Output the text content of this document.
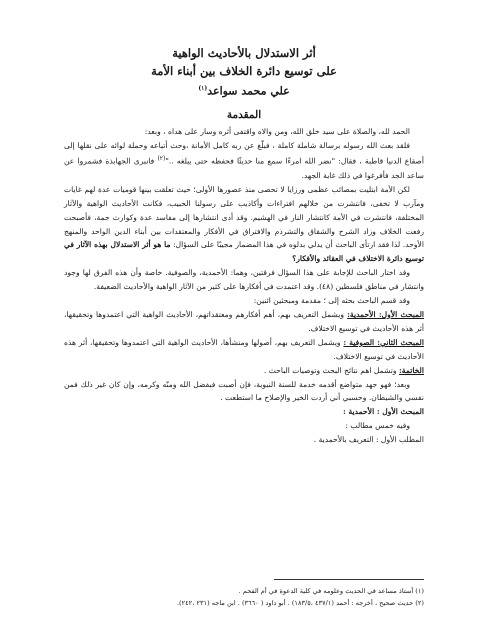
أثر الاستدلال بالأحاديث الواهية

على توسيع دائرة الخلاف بين أبناء الأمة

علي محمد سواعد$^{(١)}$

المقدمة

الحمد لله، والصلاة على سيد خلق الله، ومن والاه واقتفى أثره وسار على هداه ، وبعد:

فلقد بعث الله رسوله برسالة شاملة كاملة ، فبلّغ عن ربه كامل الأمانة ،وحث أتباعه وحملة لوائه على نقلها إلى أصقاع الدنيا قاطبة ، فقال: "نضر الله امرءًا سمع منا حديثًا فحفظه حتى يبلغه .."$^{(٢)}$ فانبرى الجهابذة فشمروا عن ساعد الجد فأفرغوا في ذلك غاية الجهد.

لكن الأمة ابتليت بمصائب عظمى ورزايا لا تحصى منذ عصورها الأولى؛ حيث تعلقت بينها قوميات عدة لهم غايات ومآرب لا تخفى، فانتشرت من خلالهم افتراءات وأكاذيب على رسولنا الحبيب، فكانت الأحاديث الواهية والآثار المختلفة، فانتشرت في الأمة كانتشار النار في الهشيم. وقد أدى انتشارها إلى مفاسد عدة وكوارث جمة، فأصبحت رفعت الخلاف وزاد الشرح والشقاق والتشرذم والافتراق في الأفكار والمعتقدات بين أبناء الدين الواحد والمنهج الأوحد. لذا فقد ارتأى الباحث أن يدلي بدلوه في هذا المضمار مجيبًا على السؤال: ما هو أثر الاستدلال بهذه الآثار في توسيع دائرة الاختلاف في العقائد والأفكار؟

وقد اختار الباحث للإجابة على هذا السؤال فرقتين، وهما: الأحمدية، والصوفية. خاصة وأن هذه الفرق لها وجود وانتشار في مناطق فلسطين (٤٨). وقد اعتمدت في أفكارها على كثير من الآثار الواهية والأحاديث الضعيفة.

وقد قسم الباحث بحثه إلى ؛ مقدمة ومبحثين اثنين:

المبحث الأول: الأحمدية: ويشمل التعريف بهم، أهم أفكارهم ومعتقداتهم، الأحاديث الواهية التي اعتمدوها وتحقيقها، أثر هذه الأحاديث في توسيع الاختلاف.

المبحث الثاني: الصوفية : ويشمل التعريف بهم، أصولها ومنشأها، الأحاديث الواهية التي اعتمدوها وتحقيقها، أثر هذه الأحاديث في توسيع الاختلاف.

الخاتمة: وتشمل اهم نتائج البحث وتوصيات الباحث .

وبعد؛ فهو جهد متواضع أقدمه خدمة للسنة النبوية، فإن أصبت فبفضل الله ومنّه وكرمه، وإن كان غير ذلك فمن نفسي والشيطان. وحسبي أني أردت الخير والإصلاح ما استطعت .

المبحث الأول : الأحمدية :

وفيه خمس مطالب :

المطلب الأول : التعريف بالأحمدية .

(١) أستاذ مساعد في الحديث وعلومه في كلية الدعوة في أم الفحم .
(٢) حديث صحيح ، أخرجه : أحمد (٤٣٧/١ ،١٨٣/٥) . أبو داود ( ٣٦٦٠) . ابن ماجه (٢٣١ ،٢٤٢).
